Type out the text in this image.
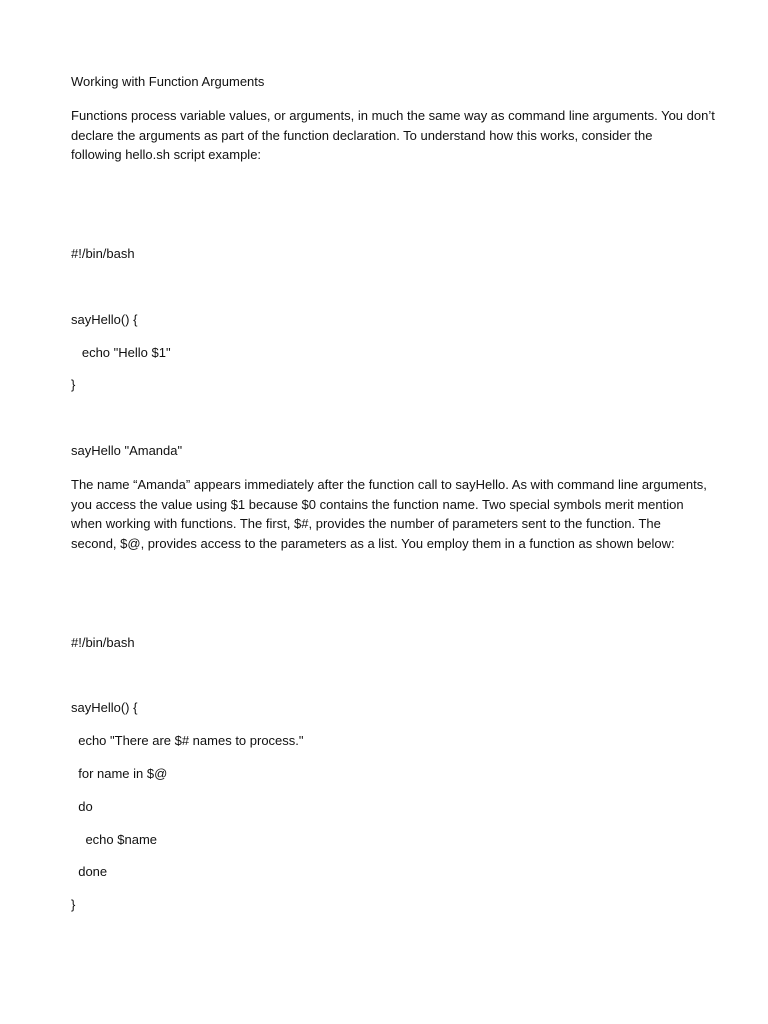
Working with Function Arguments

Functions process variable values, or arguments, in much the same way as command line arguments. You don’t
declare the arguments as part of the function declaration. To understand how this works, consider the
following hello.sh script example:

#!/bin/bash

sayHello() {

echo "Hello $1"

}

sayHello "Amanda"

The name “Amanda” appears immediately after the function call to sayHello. As with command line arguments,
you access the value using $1 because $0 contains the function name. Two special symbols merit mention
when working with functions. The first, $#, provides the number of parameters sent to the function. The
second, $@, provides access to the parameters as a list. You employ them in a function as shown below:

#!/bin/bash

sayHello() {

echo "There are $# names to process."

for name in $@

do

echo $name

done

}
